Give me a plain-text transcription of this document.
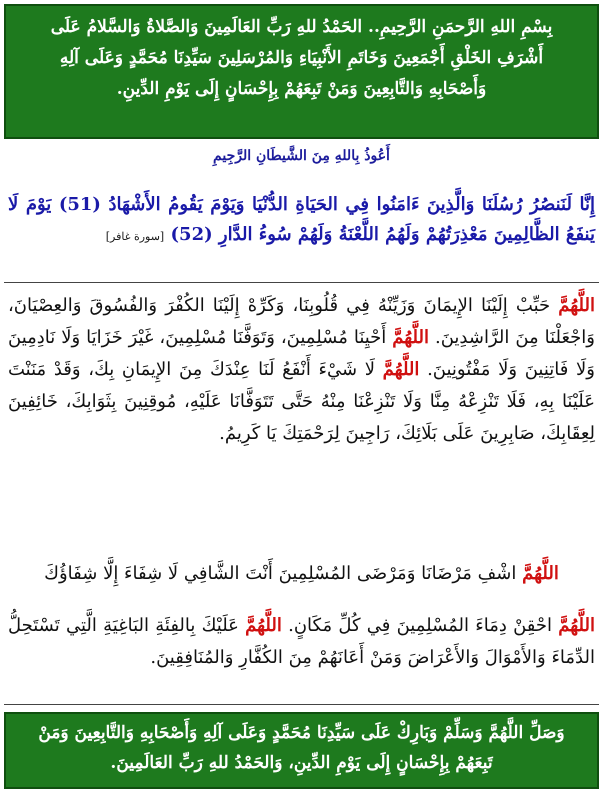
بِسْمِ اللهِ الرَّحمَنِ الرَّحِيمِ.. الحَمْدُ للهِ رَبِّ العَالَمِينَ وَالصَّلاةُ وَالسَّلامُ عَلَى
أَشْرَفِ الخَلْقِ أَجْمَعِينَ وَخَاتَمِ الأَنْبِيَاءِ وَالمُرْسَلِينَ سَيِّدِنَا مُحَمَّدٍ وَعَلَى آلِهِ
وَأَصْحَابِهِ وَالتَّابِعِينَ وَمَنْ تَبِعَهُمْ بِإِحْسَانٍ إِلَى يَوْمِ الدِّينِ.
أَعُوذُ بِاللهِ مِنَ الشَّيطَانِ الرَّجِيمِ
إِنَّا لَنَنصُرُ رُسُلَنَا وَالَّذِينَ ءَامَنُوا فِي الحَيَاةِ الدُّنْيَا وَيَوْمَ يَقُومُ الأَشْهَادُ (51) يَوْمَ لَا يَنفَعُ الظَّالِمِينَ مَعْذِرَتُهُمْ وَلَهُمُ اللَّعْنَةُ وَلَهُمْ سُوءُ الدَّارِ (52) [سورة غافر]
اللَّهُمَّ حَبِّبْ إِلَيْنَا الإِيمَانَ وَزَيِّنْهُ فِي قُلُوبِنَا، وَكَرِّهْ إِلَيْنَا الكُفْرَ وَالفُسُوقَ وَالعِصْيَانَ، وَاجْعَلْنَا مِنَ الرَّاشِدِينَ. اللَّهُمَّ أَحْيِنَا مُسْلِمِينَ، وَتَوَفَّنَا مُسْلِمِينَ، غَيْرَ خَزَايَا وَلَا نَادِمِينَ وَلَا فَاتِنِينَ وَلَا مَفْتُونِينَ. اللَّهُمَّ لَا شَيْءَ أَنْفَعُ لَنَا عِنْدَكَ مِنَ الإِيمَانِ بِكَ، وَقَدْ مَنَنْتَ عَلَيْنَا بِهِ، فَلَا تَنْزِعْهُ مِنَّا وَلَا تَنْزِعْنَا مِنْهُ حَتَّى تَتَوَفَّانَا عَلَيْهِ، مُوقِنِينَ بِثَوَابِكَ، خَائِفِينَ لِعِقَابِكَ، صَابِرِينَ عَلَى بَلَائِكَ، رَاجِينَ لِرَحْمَتِكَ يَا كَرِيمُ.
اللَّهُمَّ اشْفِ مَرْضَانَا وَمَرْضَى المُسْلِمِينَ أَنْتَ الشَّافِي لَا شِفَاءَ إِلَّا شِفَاؤُكَ
اللَّهُمَّ احْقِنْ دِمَاءَ المُسْلِمِينَ فِي كُلِّ مَكَانٍ. اللَّهُمَّ عَلَيْكَ بِالفِئَةِ البَاغِيَةِ الَّتِي تَسْتَحِلُّ الدِّمَاءَ وَالأَمْوَالَ وَالأَعْرَاضَ وَمَنْ أَعَانَهُمْ مِنَ الكُفَّارِ وَالمُنَافِقِينَ.
وَصَلِّ اللَّهُمَّ وَسَلِّمْ وَبَارِكْ عَلَى سَيِّدِنَا مُحَمَّدٍ وَعَلَى آلِهِ وَأَصْحَابِهِ وَالتَّابِعِينَ وَمَنْ
تَبِعَهُمْ بِإِحْسَانٍ إِلَى يَوْمِ الدِّينِ، وَالحَمْدُ للهِ رَبِّ العَالَمِينَ.
